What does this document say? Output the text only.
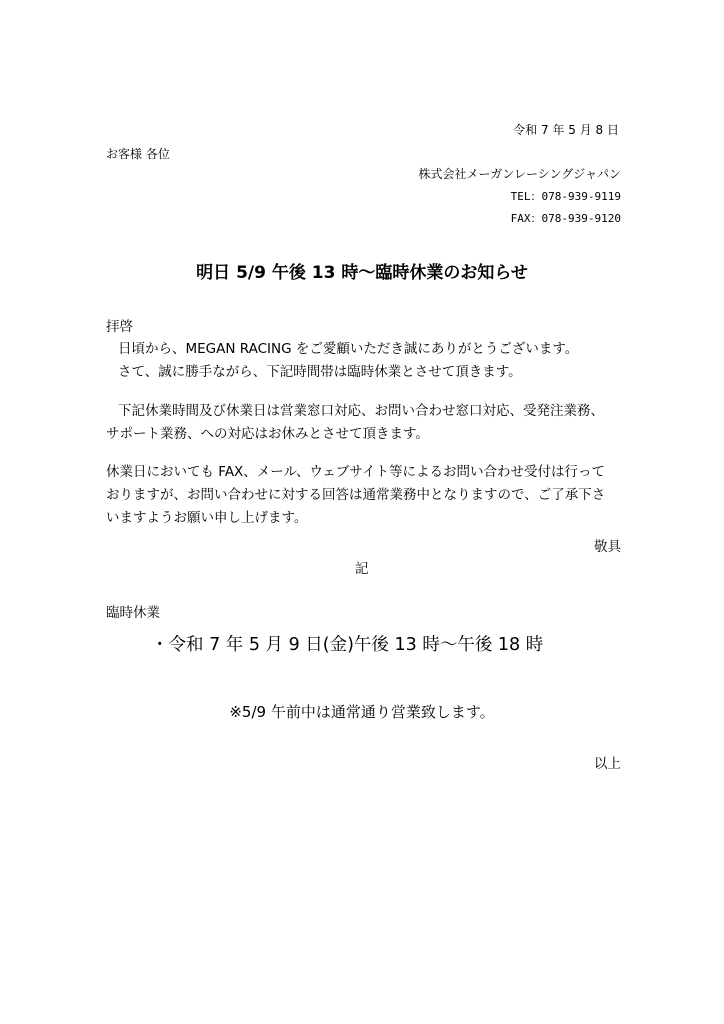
令和 7 年 5 月 8 日
お客様 各位
株式会社メーガンレーシングジャパン
TEL：078-939-9119
FAX：078-939-9120
明日 5/9 午後 13 時〜臨時休業のお知らせ
拝啓
日頃から、MEGAN RACING をご愛顧いただき誠にありがとうございます。
さて、誠に勝手ながら、下記時間帯は臨時休業とさせて頂きます。
下記休業時間及び休業日は営業窓口対応、お問い合わせ窓口対応、受発注業務、
サポート業務、への対応はお休みとさせて頂きます。
休業日においても FAX、メール、ウェブサイト等によるお問い合わせ受付は行って
おりますが、お問い合わせに対する回答は通常業務中となりますので、ご了承下さ
いますようお願い申し上げます。
敬具
記
臨時休業
・令和 7 年 5 月 9 日(金)午後 13 時〜午後 18 時
※5/9 午前中は通常通り営業致します。
以上
